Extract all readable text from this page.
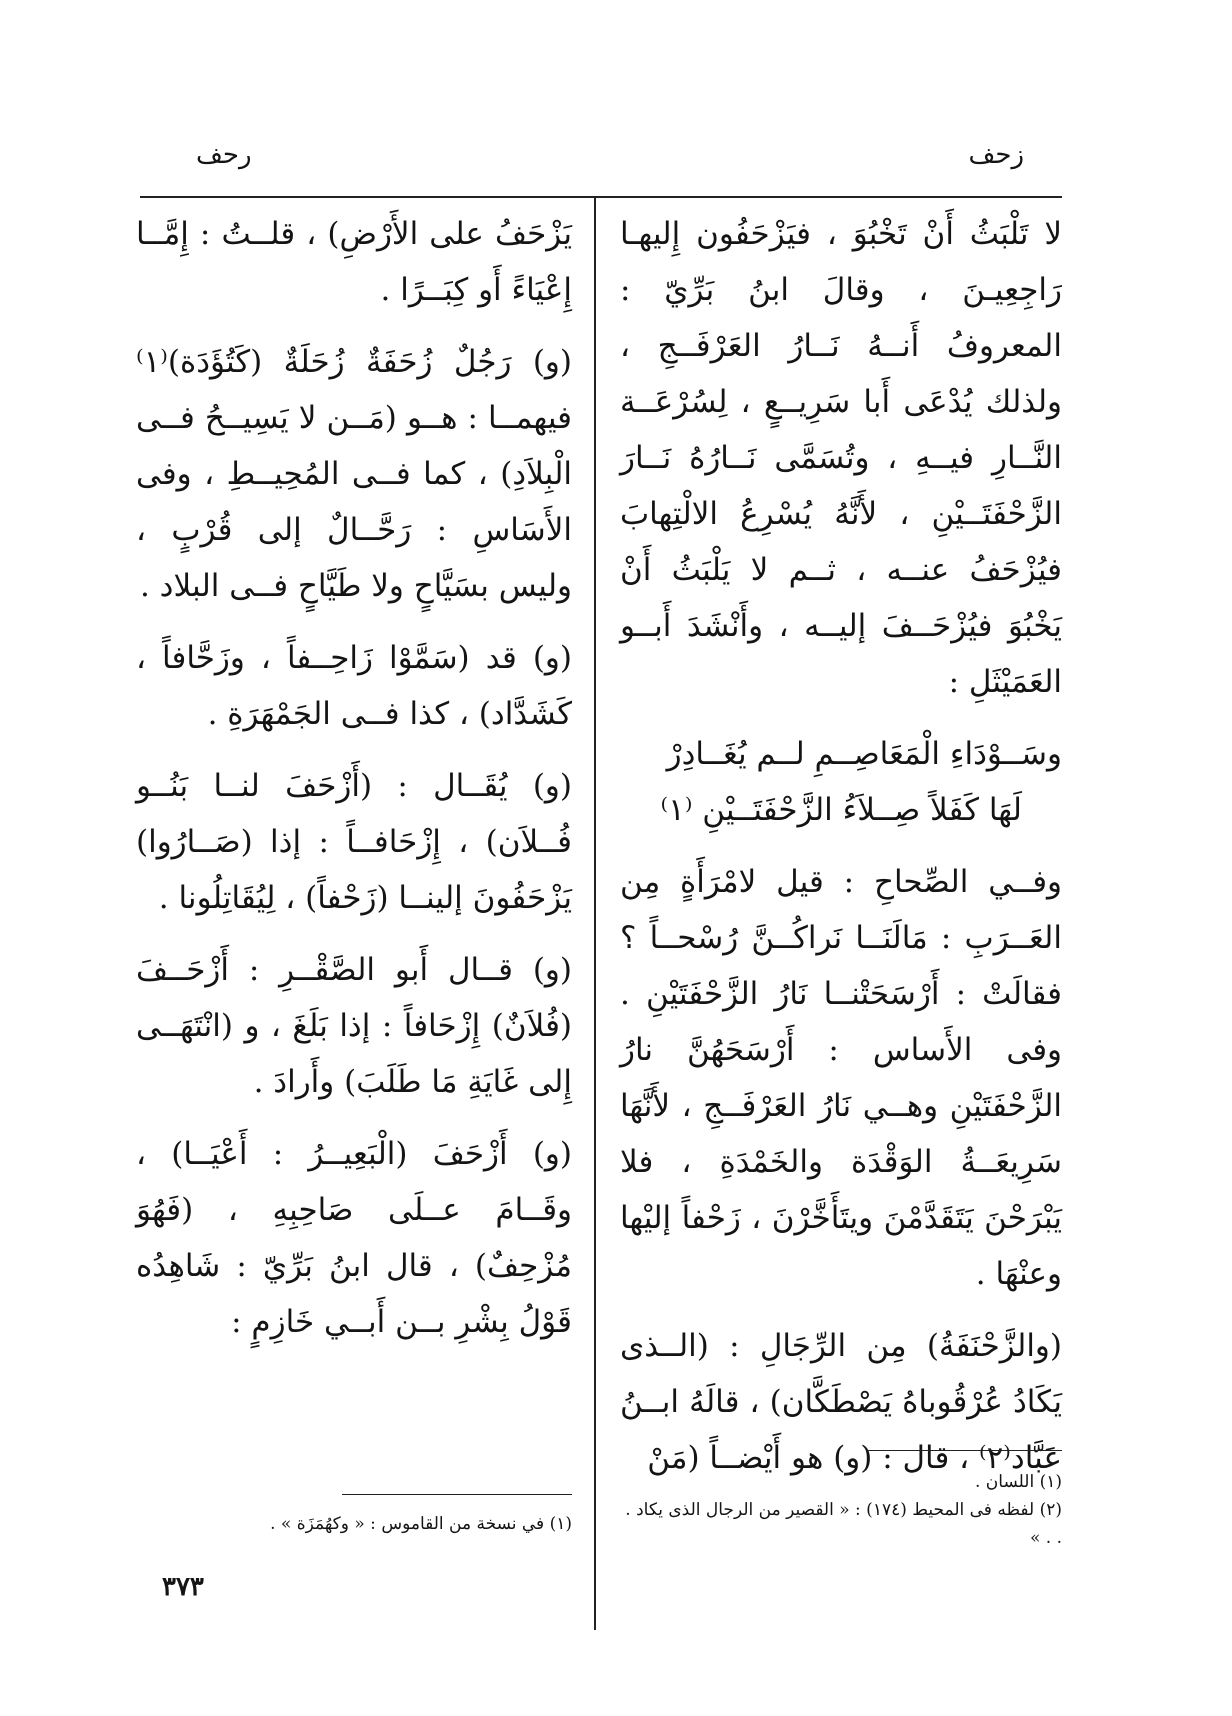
زحف
رحف

لا تَلْبَثُ أَنْ تَخْبُوَ ، فيَزْحَفُون إِليهـا رَاجِعِيـنَ ، وقالَ ابنُ بَرِّيّ : المعروفُ أَنــهُ نَــارُ العَرْفَــجِ ، ولذلك يُدْعَى أَبا سَرِيــعٍ ، لِسُرْعَــة النَّــارِ فيــهِ ، وتُسَمَّى نَــارُهُ نَــارَ الزَّحْفَتَــيْنِ ، لأَنَّهُ يُسْرِعُ الالْتِهابَ فيُزْحَفُ عنــه ، ثــم لا يَلْبَثُ أَنْ يَخْبُوَ فيُزْحَــفَ إليــه ، وأَنْشَدَ أَبــو العَمَيْثَلِ :

وسَــوْدَاءِ الْمَعَاصِــمِ لــم يُغَــادِرْ
لَهَا كَفَلاً صِــلاَءُ الزَّحْفَتَــيْنِ ⁽١⁾

وفــي الصِّحاحِ : قيل لامْرَأَةٍ مِن العَــرَبِ : مَالَنَــا نَراكُــنَّ رُسْحــاً ؟ فقالَتْ : أَرْسَحَتْنــا نَارُ الزَّحْفَتَيْنِ . وفى الأَساس : أَرْسَحَهُنَّ نارُ الزَّحْفَتَيْنِ وهــي نَارُ العَرْفَــجِ ، لأَنَّهَا سَرِيعَــةُ الوَقْدَة والخَمْدَةِ ، فلا يَبْرَحْنَ يَتَقَدَّمْنَ ويتَأَخَّرْنَ ، زَحْفاً إليْها وعنْهَا .

(والزَّحْنَفَةُ) مِن الرِّجَالِ : (الــذى يَكَادُ عُرْقُوباهُ يَصْطَكَّان) ، قالَهُ ابــنُ عَبَّاد⁽٢⁾ ، قال : (و) هو أَيْضــاً (مَنْ

يَزْحَفُ على الأَرْضِ) ، قلــتُ : إِمَّــا إِعْيَاءً أَو كِبَــرًا .

(و) رَجُلٌ زُحَفَةٌ زُحَلَةٌ (كَتُؤَدَة)⁽١⁾ فيهمــا : هــو (مَــن لا يَسِيــحُ فــى الْبِلاَدِ) ، كما فــى المُحِيــطِ ، وفى الأَسَاسِ : رَحَّــالٌ إلى قُرْبٍ ، وليس بسَيَّاحٍ ولا طَيَّاحٍ فــى البلاد .

(و) قد (سَمَّوْا زَاحِــفاً ، وزَحَّافاً ، كَشَدَّاد) ، كذا فــى الجَمْهَرَةِ .

(و) يُقَــال : (أَزْحَفَ لنــا بَنُــو فُــلاَن) ، إِزْحَافــاً : إذا (صَــارُوا) يَزْحَفُونَ إلينــا (زَحْفاً) ، لِيُقَاتِلُونا .

(و) قــال أَبو الصَّقْــرِ : أَزْحَــفَ (فُلاَنٌ) إِزْحَافاً : إذا بَلَغَ ، و (انْتَهَــى إِلى غَايَةِ مَا طَلَبَ) وأَرادَ .

(و) أَزْحَفَ (الْبَعِيــرُ : أَعْيَــا) ، وقَــامَ عــلَى صَاحِبِهِ ، (فَهُوَ مُزْحِفٌ) ، قال ابنُ بَرِّيّ : شَاهِدُه قَوْلُ بِشْرِ بــن أَبــي خَازِمٍ :

(١) اللسان .
(٢) لفظه فى المحيط (١٧٤) : « القصير من الرجال الذى يكاد . . . »
(١) في نسخة من القاموس : « وكهُمَزَة » .
٣٧٣
